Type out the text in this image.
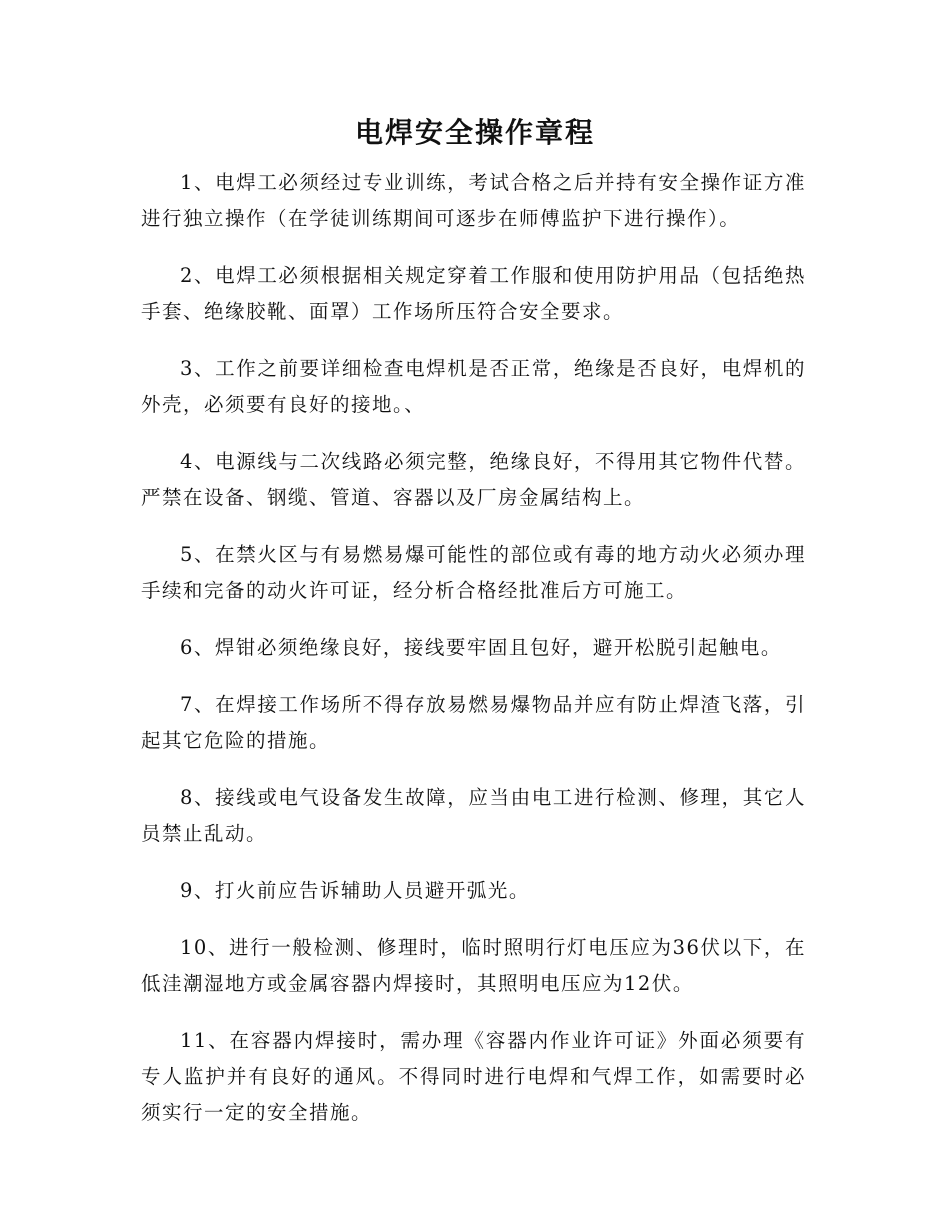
电焊安全操作章程

1、电焊工必须经过专业训练，考试合格之后并持有安全操作证方准进行独立操作（在学徒训练期间可逐步在师傅监护下进行操作）。

2、电焊工必须根据相关规定穿着工作服和使用防护用品（包括绝热手套、绝缘胶靴、面罩）工作场所压符合安全要求。

3、工作之前要详细检查电焊机是否正常，绝缘是否良好，电焊机的外壳，必须要有良好的接地。、

4、电源线与二次线路必须完整，绝缘良好，不得用其它物件代替。严禁在设备、钢缆、管道、容器以及厂房金属结构上。

5、在禁火区与有易燃易爆可能性的部位或有毒的地方动火必须办理手续和完备的动火许可证，经分析合格经批准后方可施工。

6、焊钳必须绝缘良好，接线要牢固且包好，避开松脱引起触电。

7、在焊接工作场所不得存放易燃易爆物品并应有防止焊渣飞落，引起其它危险的措施。

8、接线或电气设备发生故障，应当由电工进行检测、修理，其它人员禁止乱动。

9、打火前应告诉辅助人员避开弧光。

10、进行一般检测、修理时，临时照明行灯电压应为36伏以下，在低洼潮湿地方或金属容器内焊接时，其照明电压应为12伏。

11、在容器内焊接时，需办理《容器内作业许可证》外面必须要有专人监护并有良好的通风。不得同时进行电焊和气焊工作，如需要时必须实行一定的安全措施。
